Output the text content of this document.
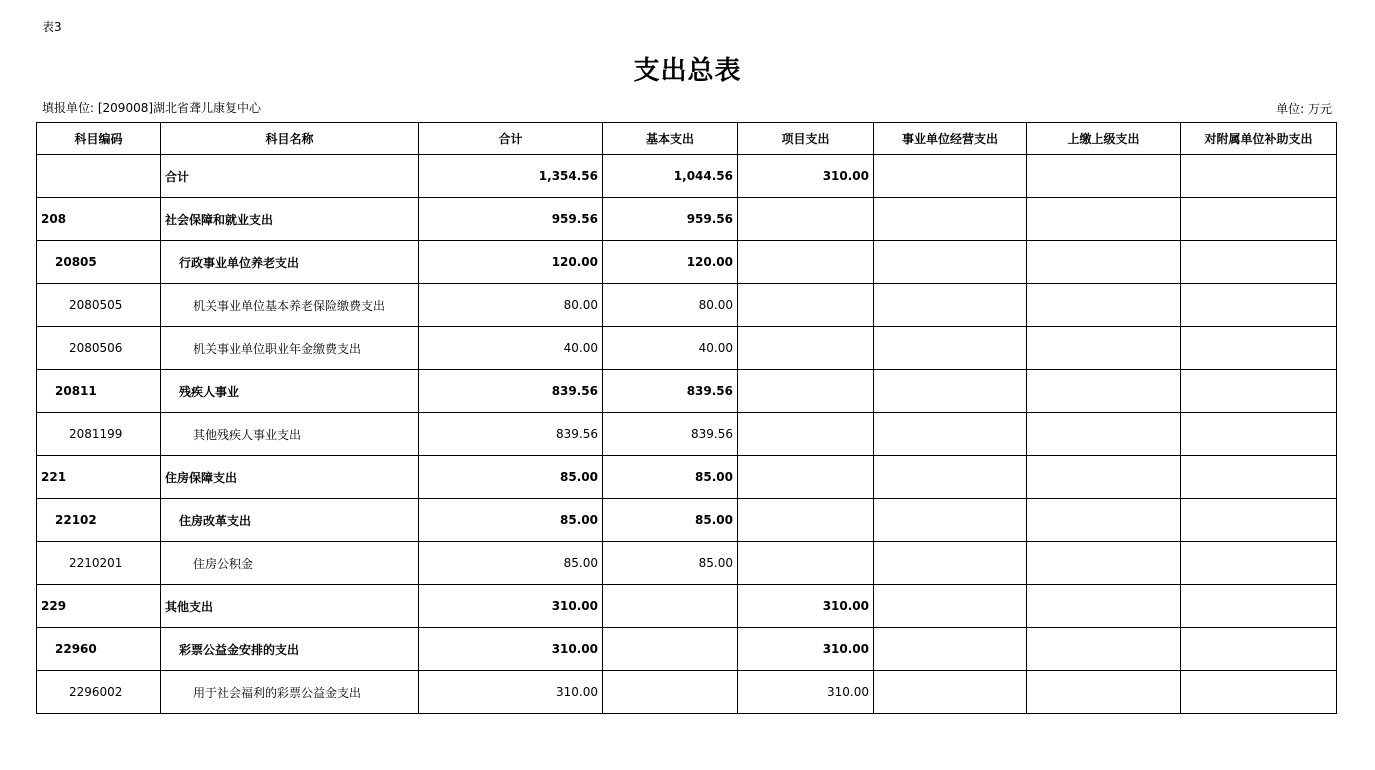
表3
支出总表
填报单位: [209008]湖北省聋儿康复中心	单位: 万元
科目编码	科目名称	合计	基本支出	项目支出	事业单位经营支出	上缴上级支出	对附属单位补助支出
	合计	1,354.56	1,044.56	310.00			
208	社会保障和就业支出	959.56	959.56				
20805	行政事业单位养老支出	120.00	120.00				
2080505	机关事业单位基本养老保险缴费支出	80.00	80.00				
2080506	机关事业单位职业年金缴费支出	40.00	40.00				
20811	残疾人事业	839.56	839.56				
2081199	其他残疾人事业支出	839.56	839.56				
221	住房保障支出	85.00	85.00				
22102	住房改革支出	85.00	85.00				
2210201	住房公积金	85.00	85.00				
229	其他支出	310.00		310.00			
22960	彩票公益金安排的支出	310.00		310.00			
2296002	用于社会福利的彩票公益金支出	310.00		310.00			
